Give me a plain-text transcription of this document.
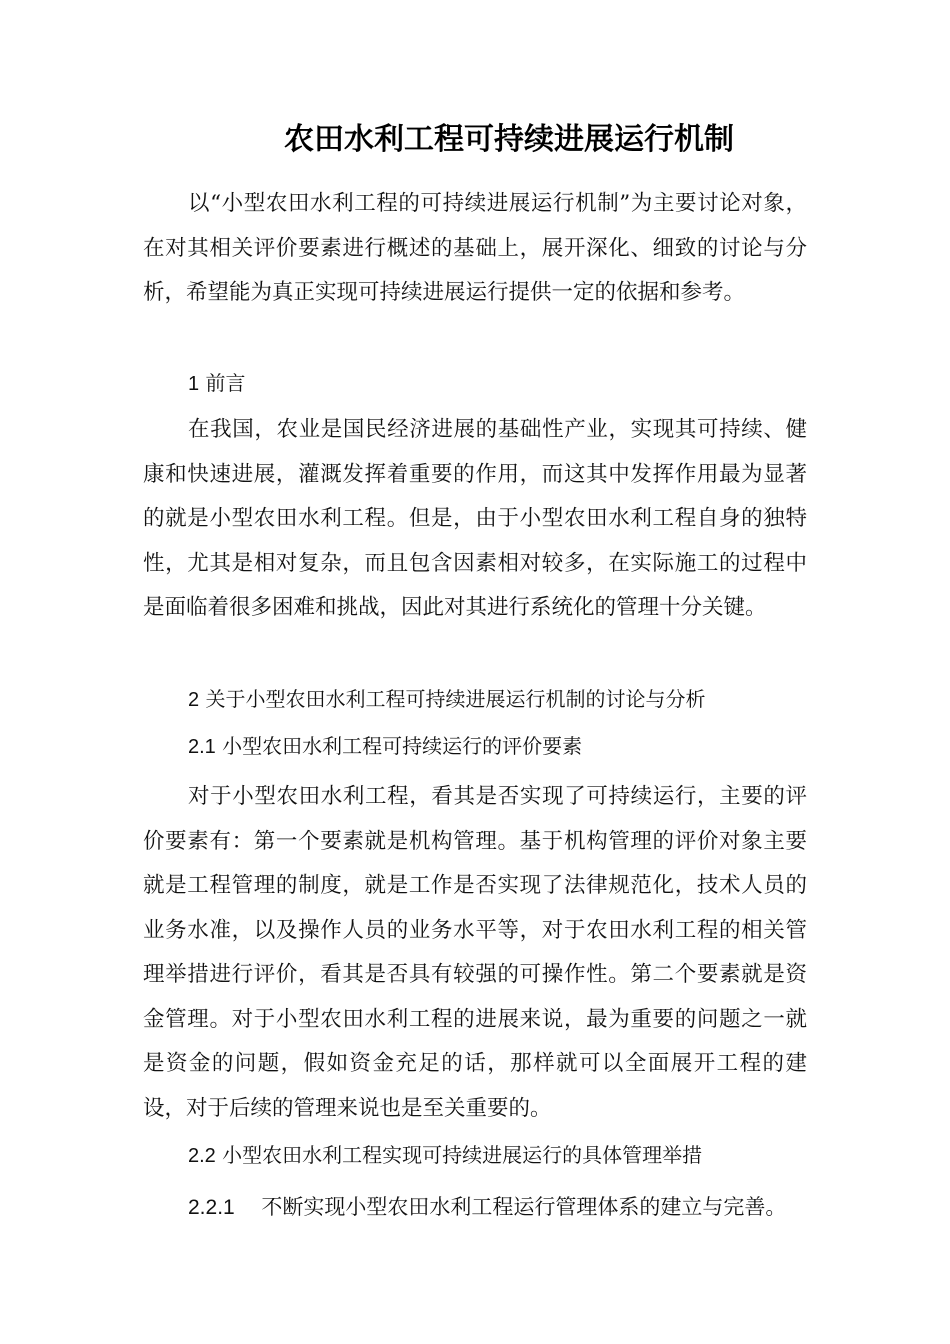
农田水利工程可持续进展运行机制

以“小型农田水利工程的可持续进展运行机制”为主要讨论对象，在对其相关评价要素进行概述的基础上，展开深化、细致的讨论与分析，希望能为真正实现可持续进展运行提供一定的依据和参考。

1 前言

在我国，农业是国民经济进展的基础性产业，实现其可持续、健康和快速进展，灌溉发挥着重要的作用，而这其中发挥作用最为显著的就是小型农田水利工程。但是，由于小型农田水利工程自身的独特性，尤其是相对复杂，而且包含因素相对较多，在实际施工的过程中是面临着很多困难和挑战，因此对其进行系统化的管理十分关键。

2 关于小型农田水利工程可持续进展运行机制的讨论与分析
2.1 小型农田水利工程可持续运行的评价要素

对于小型农田水利工程，看其是否实现了可持续运行，主要的评价要素有：第一个要素就是机构管理。基于机构管理的评价对象主要就是工程管理的制度，就是工作是否实现了法律规范化，技术人员的业务水准，以及操作人员的业务水平等，对于农田水利工程的相关管理举措进行评价，看其是否具有较强的可操作性。第二个要素就是资金管理。对于小型农田水利工程的进展来说，最为重要的问题之一就是资金的问题，假如资金充足的话，那样就可以全面展开工程的建设，对于后续的管理来说也是至关重要的。

2.2 小型农田水利工程实现可持续进展运行的具体管理举措
2.2.1 不断实现小型农田水利工程运行管理体系的建立与完善。
